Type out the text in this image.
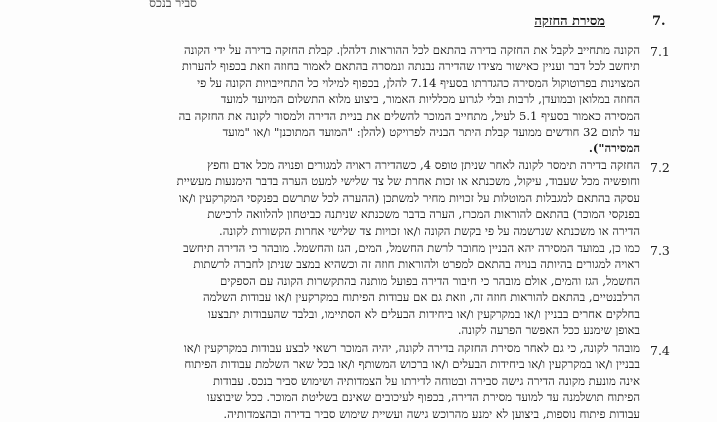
סביר בנכס
7.
מסירת החזקה
7.1
הקונה מתחייב לקבל את החזקה בדירה בהתאם לכל ההוראות דלהלן. קבלת החזקה בדירה על ידי הקונה
תיחשב לכל דבר ועניין כאישור מצידו שהדירה נבנתה ונמסרה בהתאם לאמור בחוזה וזאת בכפוף להערות
המצוינות בפרוטוקול המסירה כהגדרתו בסעיף 7.14 להלן, בכפוף למילוי כל התחייבויות הקונה על פי
החוזה במלואן ובמועדן, לרבות ובלי לגרוע מכלליות האמור, ביצוע מלוא התשלום המיועד למועד
המסירה כאמור בסעיף 5.1 לעיל, מתחייב המוכר להשלים את בניית הדירה ולמסור לקונה את החזקה בה
עד לתום 32 חודשים ממועד קבלת היתר הבניה לפרויקט (להלן: "המועד המתוכנן" ו/או "מועד
המסירה").
7.2
החזקה בדירה תימסר לקונה לאחר שניתן טופס 4, כשהדירה ראויה למגורים ופנויה מכל אדם וחפץ
וחופשיה מכל שעבוד, עיקול, משכנתא או זכות אחרת של צד שלישי למעט הערה בדבר הימנעות מעשיית
עסקה בהתאם למגבלות המוטלות על זכויות מחיר למשתכן (ההערה לכל שתרשם בפנקסי המקרקעין ו/או
בפנקסי המוכר) בהתאם להוראות המכרז, הערה בדבר משכנתא שניתנה כביטחון להלוואה לרכישת
הדירה או משכנתא שנרשמה על פי בקשת הקונה ו/או זכויות צד שלישי אחרות הקשורות לקונה.
7.3
כמו כן, במועד המסירה יהא הבניין מחובר לרשת החשמל, המים, הגז והחשמל. מובהר כי הדירה תיחשב
ראויה למגורים בהיותה בנויה בהתאם למפרט ולהוראות חוזה זה וכשהיא במצב שניתן לחברה לרשתות
החשמל, הגז והמים, אולם מובהר כי חיבור הדירה בפועל מותנה בהתקשרות הקונה עם הספקים
הרלבנטיים, בהתאם להוראות חוזה זה, וזאת גם אם עבודות הפיתוח במקרקעין ו/או עבודות השלמה
בחלקים אחרים בבניין ו/או במקרקעין ו/או ביחידות הבעלים לא הסתיימו, ובלבד שהעבודות יתבצעו
באופן שימנע ככל האפשר הפרעה לקונה.
7.4
מובהר לקונה, כי גם לאחר מסירת החזקה בדירה לקונה, יהיה המוכר רשאי לבצע עבודות במקרקעין ו/או
בבניין ו/או במקרקעין ו/או ביחידות הבעלים ו/או ברכוש המשותף ו/או בכל שאר השלמת עבודות הפיתוח
אינה מונעת מקונה הדירה גישה סבירה ובטוחה לדירתו על הצמדותיה ושימוש סביר בנכס. עבודות
הפיתוח תושלמנה עד למועד מסירת הדירה, בכפוף לעיכובים שאינם בשליטת המוכר. ככל שיבוצעו
עבודות פיתוח נוספות, ביצוען לא ימנע מהרוכש גישה ועשיית שימוש סביר בדירה ובהצמדותיה.
